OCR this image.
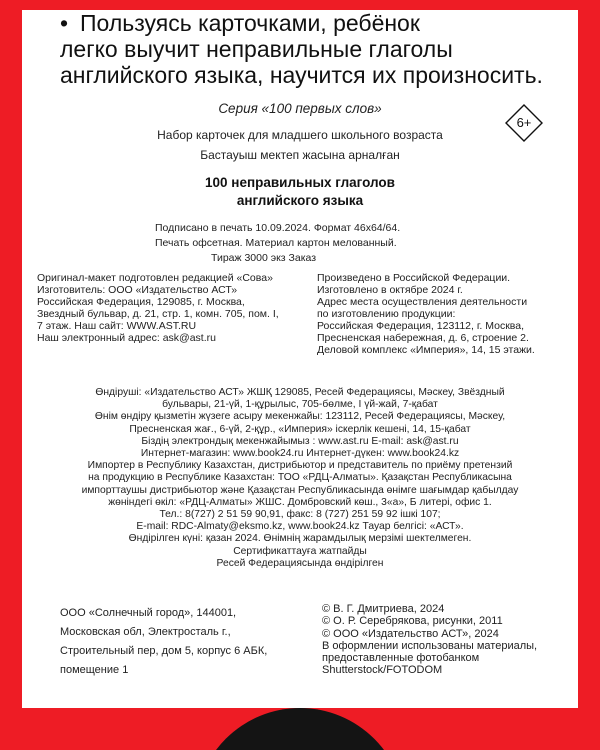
• Пользуясь карточками, ребёнок
легко выучит неправильные глаголы
английского языка, научится их произносить.
Серия «100 первых слов»
6+
Набор карточек для младшего школьного возраста
Бастауыш мектеп жасына арналған
100 неправильных глаголов
английского языка
Подписано в печать 10.09.2024. Формат 46x64/64.
Печать офсетная. Материал картон мелованный.
Тираж 3000 экз Заказ
Оригинал-макет подготовлен редакцией «Сова»
Изготовитель: ООО «Издательство АСТ»
Российская Федерация, 129085, г. Москва,
Звездный бульвар, д. 21, стр. 1, комн. 705, пом. I,
7 этаж. Наш сайт: WWW.AST.RU
Наш электронный адрес: ask@ast.ru
Произведено в Российской Федерации.
Изготовлено в октябре 2024 г.
Адрес места осуществления деятельности
по изготовлению продукции:
Российская Федерация, 123112, г. Москва,
Пресненская набережная, д. 6, строение 2.
Деловой комплекс «Империя», 14, 15 этажи.
Өндіруші: «Издательство АСТ» ЖШҚ 129085, Ресей Федерациясы, Мәскеу, Звёздный
бульвары, 21-үй, 1-құрылыс, 705-бөлме, I үй-жай, 7-қабат
Өнім өндіру қызметін жүзеге асыру мекенжайы: 123112, Ресей Федерациясы, Мәскеу,
Пресненская жағ., 6-үй, 2-құр., «Империя» іскерлік кешені, 14, 15-қабат
Біздің электрондық мекенжайымыз : www.ast.ru E-mail: ask@ast.ru
Интернет-магазин: www.book24.ru Интернет-дүкен: www.book24.kz
Импортер в Республику Казахстан, дистрибьютор и представитель по приёму претензий
на продукцию в Республике Казахстан: ТОО «РДЦ-Алматы». Қазақстан Республикасына
импорттаушы дистрибьютор және Қазақстан Республикасында өнімге шағымдар қабылдау
жөніндегі өкіл: «РДЦ-Алматы» ЖШС. Домбровский көш., 3«а», Б литері, офис 1.
Тел.: 8(727) 2 51 59 90,91, факс: 8 (727) 251 59 92 ішкі 107;
E-mail: RDC-Almaty@eksmo.kz, www.book24.kz Тауар белгісі: «АСТ».
Өндірілген күні: қазан 2024. Өнімнің жарамдылық мерзімі шектелмеген.
Сертификаттауға жатпайды
Ресей Федерациясында өндірілген
ООО «Солнечный город», 144001,
Московская обл, Электросталь г.,
Строительный пер, дом 5, корпус 6 АБК,
помещение 1
© В. Г. Дмитриева, 2024
© О. Р. Серебрякова, рисунки, 2011
© ООО «Издательство АСТ», 2024
В оформлении использованы материалы,
предоставленные фотобанком
Shutterstock/FOTODOM
